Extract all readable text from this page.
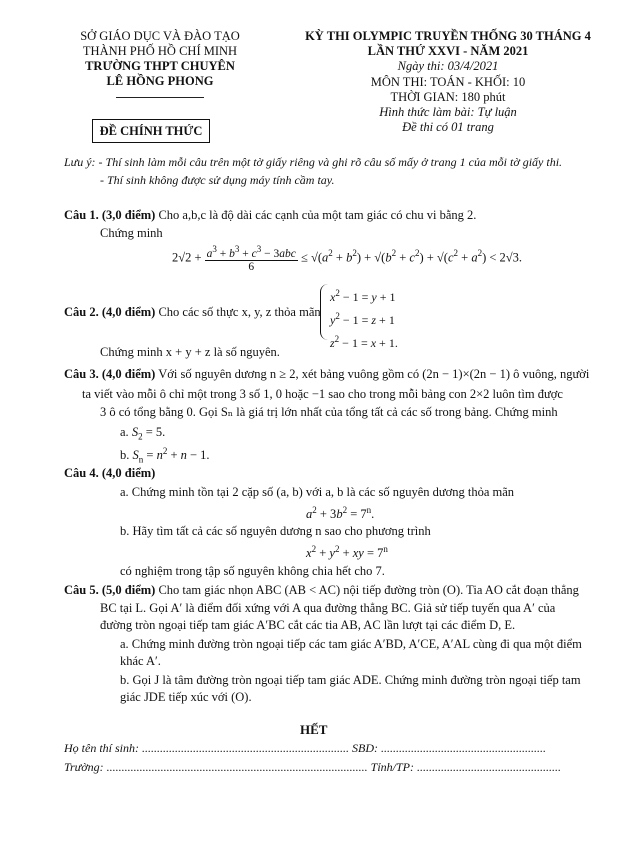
SỞ GIÁO DỤC VÀ ĐÀO TẠO
THÀNH PHỐ HỒ CHÍ MINH
TRƯỜNG THPT CHUYÊN
LÊ HỒNG PHONG
ĐỀ CHÍNH THỨC
KỲ THI OLYMPIC TRUYỀN THỐNG 30 THÁNG 4
LẦN THỨ XXVI - NĂM 2021
Ngày thi: 03/4/2021
MÔN THI: TOÁN - KHỐI: 10
THỜI GIAN: 180 phút
Hình thức làm bài: Tự luận
Đề thi có 01 trang
Lưu ý: - Thí sinh làm mỗi câu trên một tờ giấy riêng và ghi rõ câu số mấy ở trang 1 của mỗi tờ giấy thi.
- Thí sinh không được sử dụng máy tính cầm tay.
Câu 1. (3,0 điểm) Cho a,b,c là độ dài các cạnh của một tam giác có chu vi bằng 2.
Chứng minh
$2√2 + \frac{a^3 + b^3 + c^3 - 3abc}{6} \le √(a^2 + b^2) + √(b^2 + c^2) + √(c^2 + a^2) < 2√3$.
Câu 2. (4,0 điểm) Cho các số thực x, y, z thỏa mãn
$x^2 - 1 = y + 1$
$y^2 - 1 = z + 1$
$z^2 - 1 = x + 1$.
Chứng minh x + y + z là số nguyên.
Câu 3. (4,0 điểm) Với số nguyên dương n ≥ 2, xét bảng vuông gồm có (2n − 1)×(2n − 1) ô vuông, người
ta viết vào mỗi ô chỉ một trong 3 số 1, 0 hoặc −1 sao cho trong mỗi bảng con 2×2 luôn tìm được
3 ô có tổng bằng 0. Gọi Sₙ là giá trị lớn nhất của tổng tất cả các số trong bảng. Chứng minh
a. $S_2 = 5$.
b. $S_n = n^2 + n - 1$.
Câu 4. (4,0 điểm)
a. Chứng minh tồn tại 2 cặp số (a, b) với a, b là các số nguyên dương thỏa mãn
$a^2 + 3b^2 = 7^n$.
b. Hãy tìm tất cả các số nguyên dương n sao cho phương trình
$x^2 + y^2$ + xy = $7^n$
có nghiệm trong tập số nguyên không chia hết cho 7.
Câu 5. (5,0 điểm) Cho tam giác nhọn ABC (AB < AC) nội tiếp đường tròn (O). Tia AO cắt đoạn thẳng
BC tại L. Gọi A′ là điểm đối xứng với A qua đường thẳng BC. Giả sử tiếp tuyến qua A′ của
đường tròn ngoại tiếp tam giác A′BC cắt các tia AB, AC lần lượt tại các điểm D, E.
a. Chứng minh đường tròn ngoại tiếp các tam giác A′BD, A′CE, A′AL cùng đi qua một điểm
khác A′.
b. Gọi J là tâm đường tròn ngoại tiếp tam giác ADE. Chứng minh đường tròn ngoại tiếp tam
giác JDE tiếp xúc với (O).
HẾT
Họ tên thí sinh: ..................................................................... SBD: .......................................................
Trường: ....................................................................................... Tỉnh/TP: ................................................
